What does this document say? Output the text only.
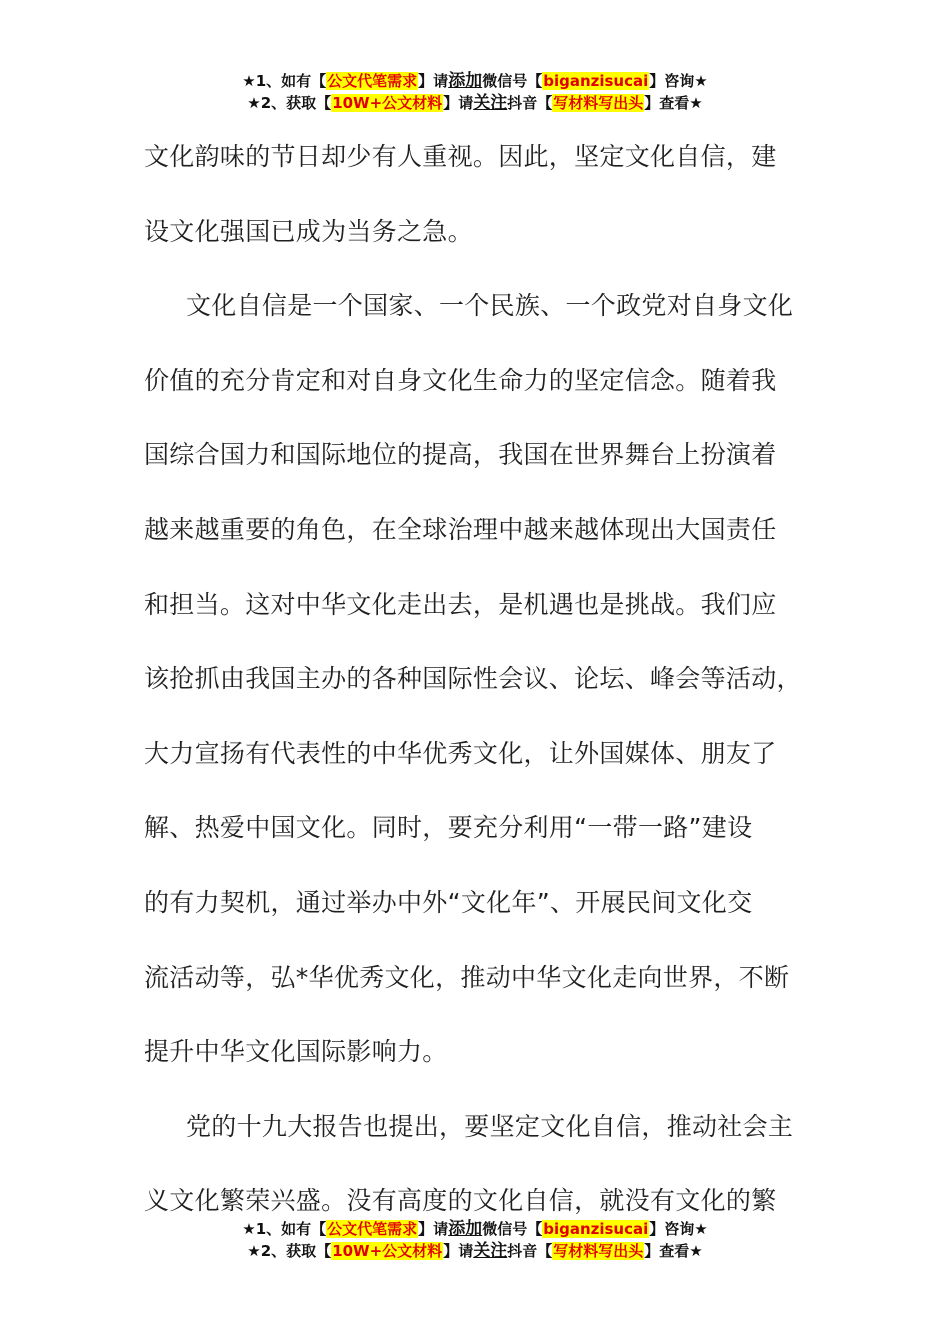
★1、如有【公文代笔需求】请添加微信号【biganzisucai】咨询★
★2、获取【10W+公文材料】请关注抖音【写材料写出头】查看★
文化韵味的节日却少有人重视。因此，坚定文化自信，建
设文化强国已成为当务之急。
文化自信是一个国家、一个民族、一个政党对自身文化
价值的充分肯定和对自身文化生命力的坚定信念。随着我
国综合国力和国际地位的提高，我国在世界舞台上扮演着
越来越重要的角色，在全球治理中越来越体现出大国责任
和担当。这对中华文化走出去，是机遇也是挑战。我们应
该抢抓由我国主办的各种国际性会议、论坛、峰会等活动，
大力宣扬有代表性的中华优秀文化，让外国媒体、朋友了
解、热爱中国文化。同时，要充分利用“一带一路”建设
的有力契机，通过举办中外“文化年”、开展民间文化交
流活动等，弘*华优秀文化，推动中华文化走向世界，不断
提升中华文化国际影响力。
党的十九大报告也提出，要坚定文化自信，推动社会主
义文化繁荣兴盛。没有高度的文化自信，就没有文化的繁
★1、如有【公文代笔需求】请添加微信号【biganzisucai】咨询★
★2、获取【10W+公文材料】请关注抖音【写材料写出头】查看★
